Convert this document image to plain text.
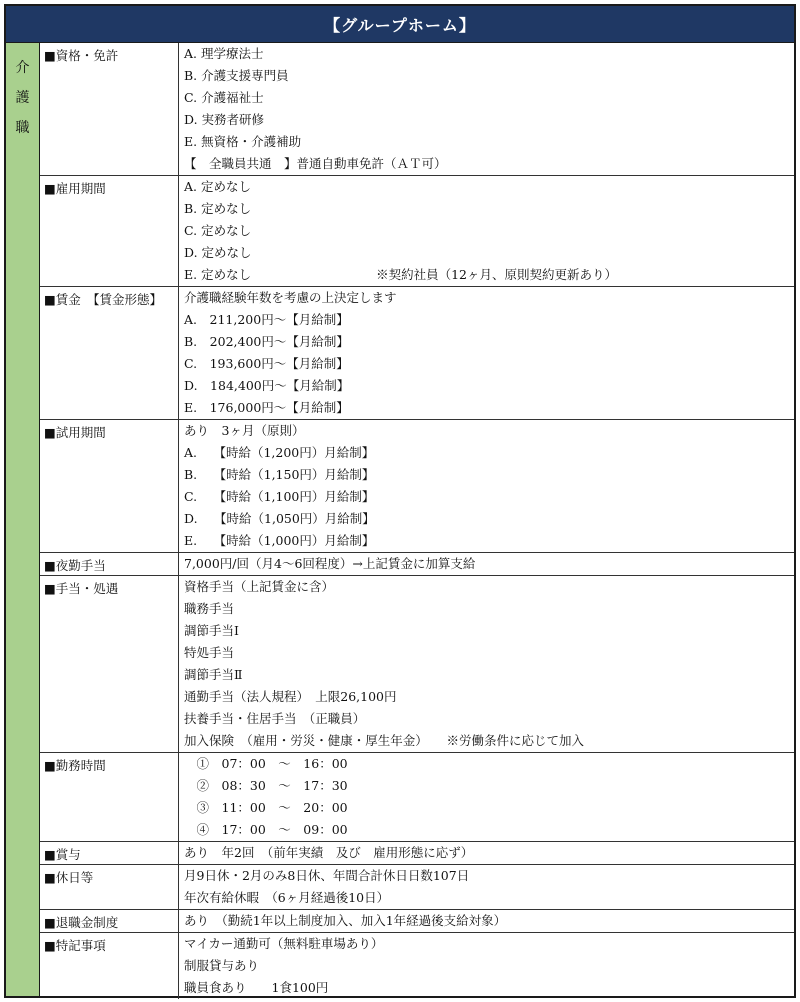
【グループホーム】
介
護
職
■資格・免許	A. 理学療法士
B. 介護支援専門員
C. 介護福祉士
D. 実務者研修
E. 無資格・介護補助
【　全職員共通　】普通自動車免許（ＡＴ可）
■雇用期間	A. 定めなし
B. 定めなし
C. 定めなし
D. 定めなし
E. 定めなし　　　　　　　　　　※契約社員（12ヶ月、原則契約更新あり）
■賃金　【賃金形態】	介護職経験年数を考慮の上決定します
A.　211,200円～【月給制】
B.　202,400円～【月給制】
C.　193,600円～【月給制】
D.　184,400円～【月給制】
E.　176,000円～【月給制】
■試用期間	あり　3ヶ月（原則）
A.　 【時給（1,200円）月給制】
B.　 【時給（1,150円）月給制】
C.　 【時給（1,100円）月給制】
D.　 【時給（1,050円）月給制】
E.　 【時給（1,000円）月給制】
■夜勤手当	7,000円/回（月4～6回程度）→上記賃金に加算支給
■手当・処遇	資格手当（上記賃金に含）
職務手当
調節手当Ⅰ
特処手当
調節手当Ⅱ
通勤手当（法人規程）　上限26,100円
扶養手当・住居手当　（正職員）
加入保険　（雇用・労災・健康・厚生年金）　　※労働条件に応じて加入
■勤務時間	　①　07：00　～　16：00
　②　08：30　～　17：30
　③　11：00　～　20：00
　④　17：00　～　09：00
■賞与	あり　年2回　（前年実績　及び　雇用形態に応ず）
■休日等	月9日休・2月のみ8日休、年間合計休日日数107日
年次有給休暇　（6ヶ月経過後10日）
■退職金制度	あり　（勤続1年以上制度加入、加入1年経過後支給対象）
■特記事項	マイカー通勤可（無料駐車場あり）
制服貸与あり
職員食あり　　1食100円
